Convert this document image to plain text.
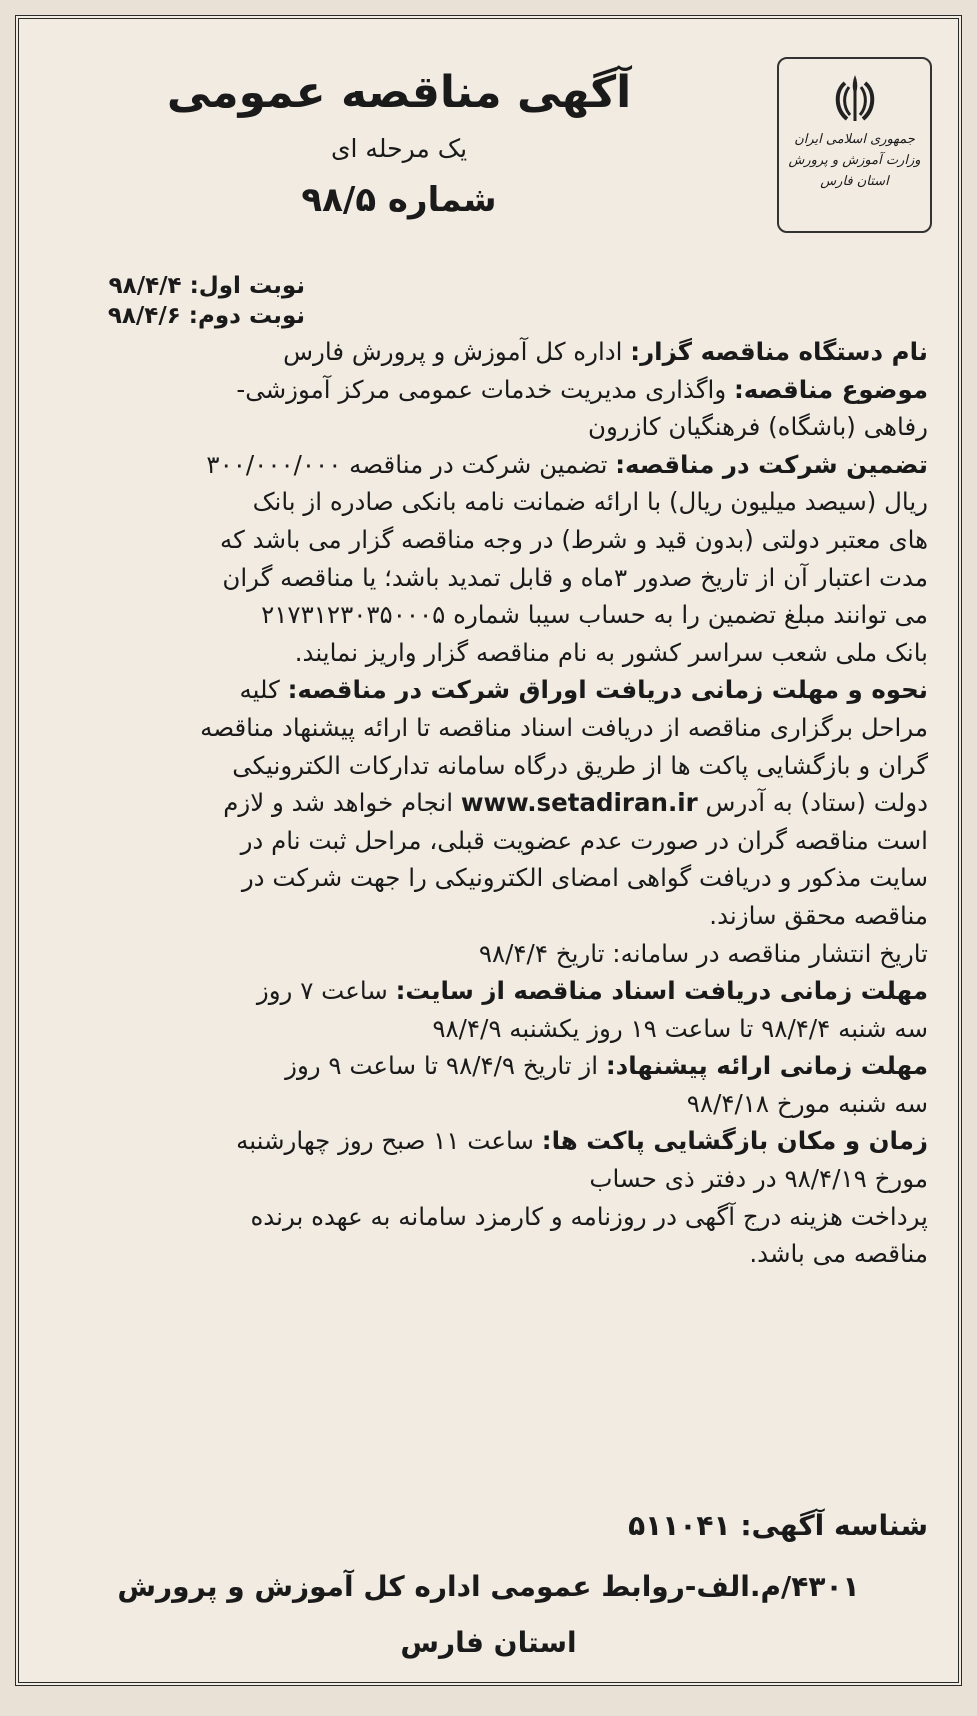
جمهوری اسلامی ایران
وزارت آموزش و پرورش
استان فارس
آگهی مناقصه عمومی
یک مرحله ای
شماره ۹۸/۵
نوبت اول: ۹۸/۴/۴
نوبت دوم: ۹۸/۴/۶
نام دستگاه مناقصه گزار: اداره کل آموزش و پرورش فارس
موضوع مناقصه: واگذاری مدیریت خدمات عمومی مرکز آموزشی-
رفاهی (باشگاه) فرهنگیان کازرون
تضمین شرکت در مناقصه: تضمین شرکت در مناقصه ۳۰۰/۰۰۰/۰۰۰
ریال (سیصد میلیون ریال) با ارائه ضمانت نامه بانکی صادره از بانک
های معتبر دولتی (بدون قید و شرط) در وجه مناقصه گزار می باشد که
مدت اعتبار آن از تاریخ صدور ۳ماه و قابل تمدید باشد؛ یا مناقصه گران
می توانند مبلغ تضمین را به حساب سیبا شماره ۲۱۷۳۱۲۳۰۳۵۰۰۰۵
بانک ملی شعب سراسر کشور به نام مناقصه گزار واریز نمایند.
نحوه و مهلت زمانی دریافت اوراق شرکت در مناقصه: کلیه
مراحل برگزاری مناقصه از دریافت اسناد مناقصه تا ارائه پیشنهاد مناقصه
گران و بازگشایی پاکت ها از طریق درگاه سامانه تدارکات الکترونیکی
دولت (ستاد) به آدرس www.setadiran.ir انجام خواهد شد و لازم
است مناقصه گران در صورت عدم عضویت قبلی، مراحل ثبت نام در
سایت مذکور و دریافت گواهی امضای الکترونیکی را جهت شرکت در
مناقصه محقق سازند.
تاریخ انتشار مناقصه در سامانه: تاریخ ۹۸/۴/۴
مهلت زمانی دریافت اسناد مناقصه از سایت: ساعت ۷ روز
سه شنبه ۹۸/۴/۴ تا ساعت ۱۹ روز یکشنبه ۹۸/۴/۹
مهلت زمانی ارائه پیشنهاد: از تاریخ ۹۸/۴/۹ تا ساعت ۹ روز
سه شنبه مورخ ۹۸/۴/۱۸
زمان و مکان بازگشایی پاکت ها: ساعت ۱۱ صبح روز چهارشنبه
مورخ ۹۸/۴/۱۹ در دفتر ذی حساب
پرداخت هزینه درج آگهی در روزنامه و کارمزد سامانه به عهده برنده
مناقصه می باشد.
شناسه آگهی: ۵۱۱۰۴۱
۴۳۰۱/م.الف-روابط عمومی اداره کل آموزش و پرورش
استان فارس
